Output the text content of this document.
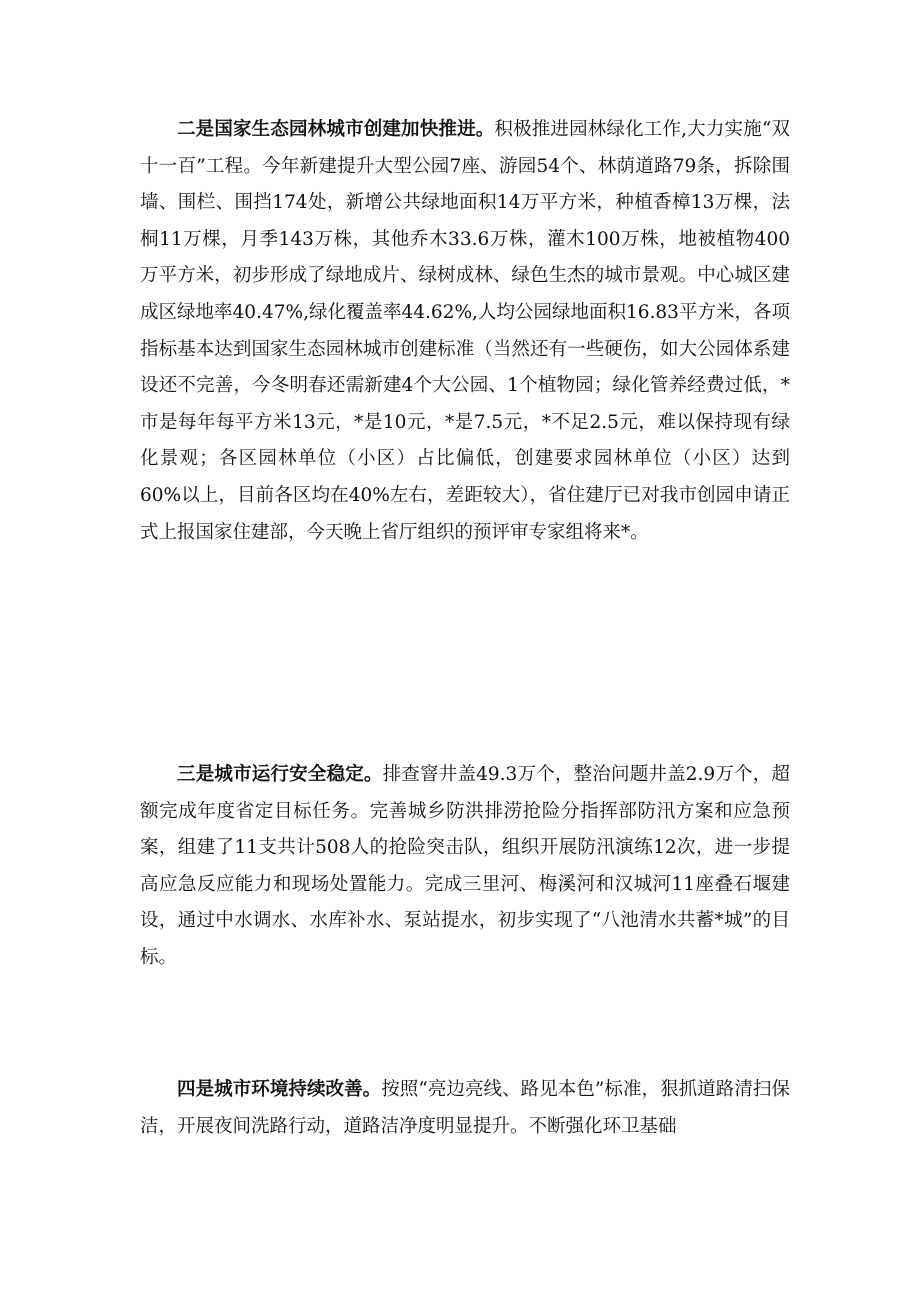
二是国家生态园林城市创建加快推进。积极推进园林绿化工作,大力实施“双十一百”工程。今年新建提升大型公园7座、游园54个、林荫道路79条，拆除围墙、围栏、围挡174处，新增公共绿地面积14万平方米，种植香樟13万棵，法桐11万棵，月季143万株，其他乔木33.6万株，灌木100万株，地被植物400万平方米，初步形成了绿地成片、绿树成林、绿色生杰的城市景观。中心城区建成区绿地率40.47%,绿化覆盖率44.62%,人均公园绿地面积16.83平方米，各项指标基本达到国家生态园林城市创建标准（当然还有一些硬伤，如大公园体系建设还不完善，今冬明春还需新建4个大公园、1个植物园；绿化管养经费过低，*市是每年每平方米13元，*是10元，*是7.5元，*不足2.5元，难以保持现有绿化景观；各区园林单位（小区）占比偏低，创建要求园林单位（小区）达到60%以上，目前各区均在40%左右，差距较大），省住建厅已对我市创园申请正式上报国家住建部，今天晚上省厅组织的预评审专家组将来*。

三是城市运行安全稳定。排查窨井盖49.3万个，整治问题井盖2.9万个，超额完成年度省定目标任务。完善城乡防洪排涝抢险分指挥部防汛方案和应急预案，组建了11支共计508人的抢险突击队，组织开展防汛演练12次，进一步提高应急反应能力和现场处置能力。完成三里河、梅溪河和汉城河11座叠石堰建设，通过中水调水、水库补水、泵站提水，初步实现了“八池清水共蓄*城”的目标。

四是城市环境持续改善。按照“亮边亮线、路见本色”标准，狠抓道路清扫保洁，开展夜间洗路行动，道路洁净度明显提升。不断强化环卫基础
